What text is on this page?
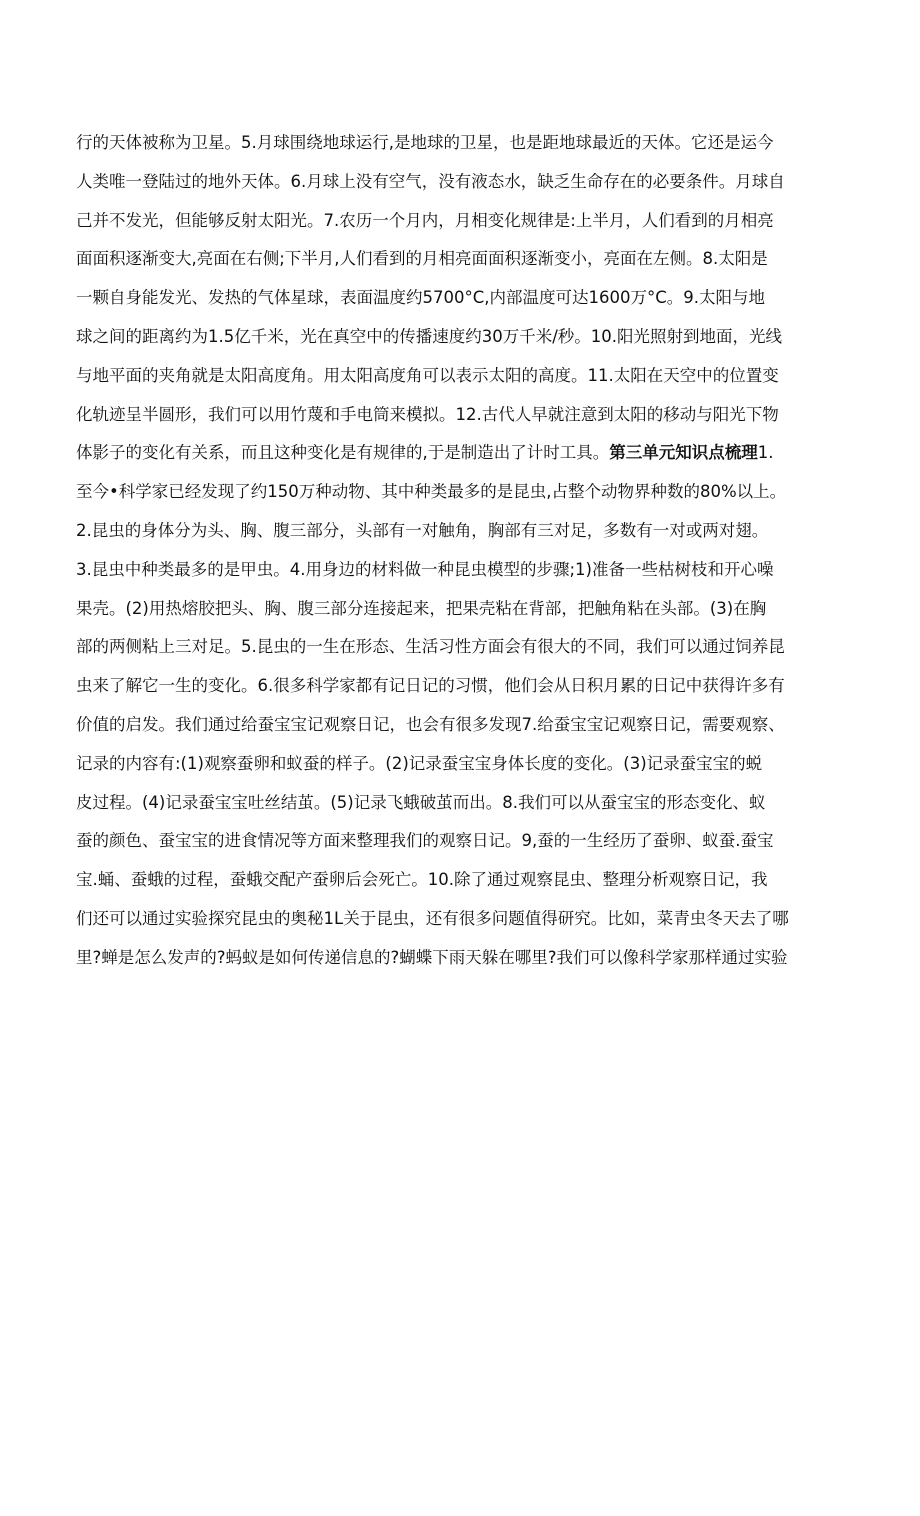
行的天体被称为卫星。5.月球围绕地球运行,是地球的卫星，也是距地球最近的天体。它还是运今
人类唯一登陆过的地外天体。6.月球上没有空气，没有液态水，缺乏生命存在的必要条件。月球自
己并不发光，但能够反射太阳光。7.农历一个月内，月相变化规律是:上半月，人们看到的月相亮
面面积逐渐变大,亮面在右侧;下半月,人们看到的月相亮面面积逐渐变小，亮面在左侧。8.太阳是
一颗自身能发光、发热的气体星球，表面温度约5700°C,内部温度可达1600万°C。9.太阳与地
球之间的距离约为1.5亿千米，光在真空中的传播速度约30万千米/秒。10.阳光照射到地面，光线
与地平面的夹角就是太阳高度角。用太阳高度角可以表示太阳的高度。11.太阳在天空中的位置变
化轨迹呈半圆形，我们可以用竹蔑和手电筒来模拟。12.古代人早就注意到太阳的移动与阳光下物
体影子的变化有关系，而且这种变化是有规律的,于是制造出了计时工具。第三单元知识点梳理1.
至今•科学家已经发现了约150万种动物、其中种类最多的是昆虫,占整个动物界种数的80%以上。
2.昆虫的身体分为头、胸、腹三部分，头部有一对触角，胸部有三对足，多数有一对或两对翅。
3.昆虫中种类最多的是甲虫。4.用身边的材料做一种昆虫模型的步骤;1)准备一些枯树枝和开心噪
果壳。(2)用热熔胶把头、胸、腹三部分连接起来，把果壳粘在背部，把触角粘在头部。(3)在胸
部的两侧粘上三对足。5.昆虫的一生在形态、生活习性方面会有很大的不同，我们可以通过饲养昆
虫来了解它一生的变化。6.很多科学家都有记日记的习惯，他们会从日积月累的日记中获得许多有
价值的启发。我们通过给蚕宝宝记观察日记，也会有很多发现7.给蚕宝宝记观察日记，需要观察、
记录的内容有:(1)观察蚕卵和蚁蚕的样子。(2)记录蚕宝宝身体长度的变化。(3)记录蚕宝宝的蜕
皮过程。(4)记录蚕宝宝吐丝结茧。(5)记录飞蛾破茧而出。8.我们可以从蚕宝宝的形态变化、蚁
蚕的颜色、蚕宝宝的进食情况等方面来整理我们的观察日记。9,蚕的一生经历了蚕卵、蚁蚕.蚕宝
宝.蛹、蚕蛾的过程，蚕蛾交配产蚕卵后会死亡。10.除了通过观察昆虫、整理分析观察日记，我
们还可以通过实验探究昆虫的奥秘1L关于昆虫，还有很多问题值得研究。比如，菜青虫冬天去了哪
里?蝉是怎么发声的?蚂蚁是如何传递信息的?蝴蝶下雨天躲在哪里?我们可以像科学家那样通过实验
